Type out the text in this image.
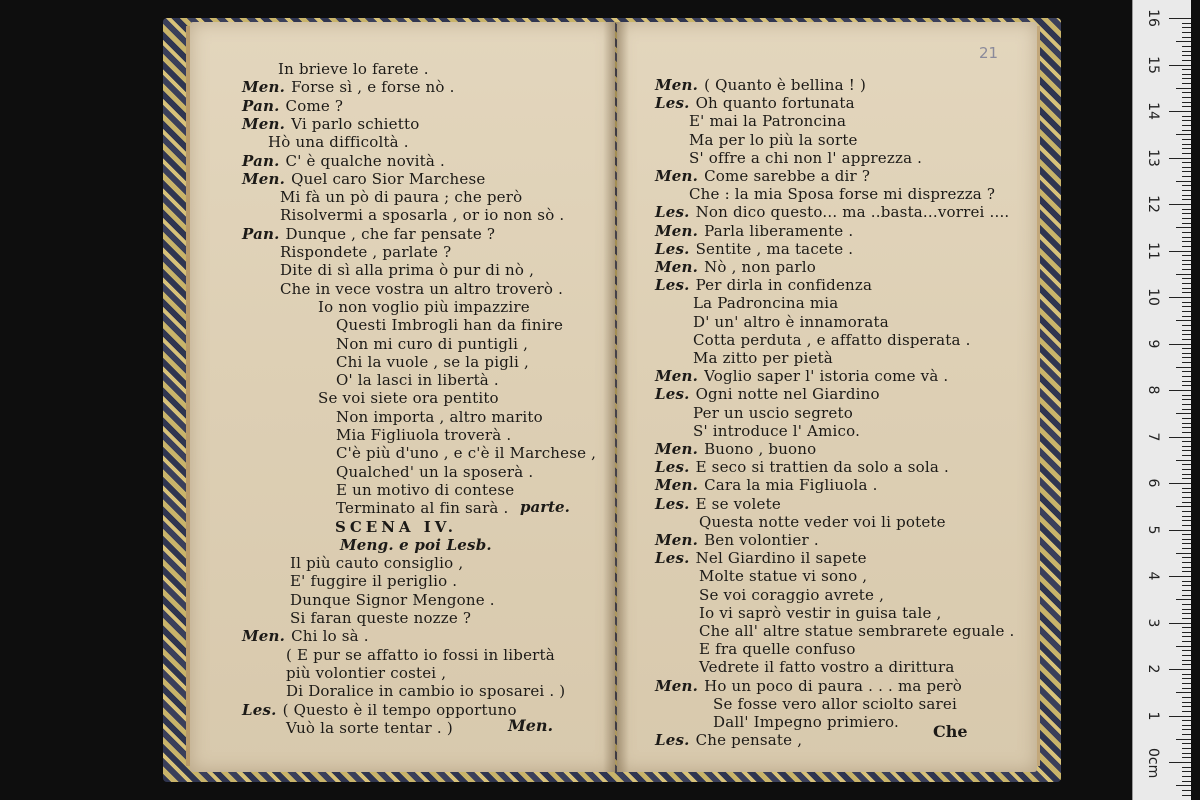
In brieve lo farete .
Men. Forse sì , e forse nò .
Pan. Come ?
Men. Vi parlo schietto
Hò una difficoltà .
Pan. C' è qualche novità .
Men. Quel caro Sior Marchese
Mi fà un pò di paura ; che però
Risolvermi a sposarla , or io non sò .
Pan. Dunque , che far pensate ?
Rispondete , parlate ?
Dite di sì alla prima ò pur di nò ,
Che in vece vostra un altro troverò .
Io non voglio più impazzire
Questi Imbrogli han da finire
Non mi curo di puntigli ,
Chi la vuole , se la pigli ,
O' la lasci in libertà .
Se voi siete ora pentito
Non importa , altro marito
Mia Figliuola troverà .
C'è più d'uno , e c'è il Marchese ,
Qualched' un la sposerà .
E un motivo di contese
Terminato al fin sarà .
SCENA IV.
Meng. e poi Lesb.
Il più cauto consiglio ,
E' fuggire il periglio .
Dunque Signor Mengone .
Si faran queste nozze ?
Men. Chi lo sà .
( E pur se affatto io fossi in libertà
più volontier costei ,
Di Doralice in cambio io sposarei . )
Les. ( Questo è il tempo opportuno
Vuò la sorte tentar . )
parte.
Men.
21
Men. ( Quanto è bellina ! )
Les. Oh quanto fortunata
E' mai la Patroncina
Ma per lo più la sorte
S' offre a chi non l' apprezza .
Men. Come sarebbe a dir ?
Che : la mia Sposa forse mi disprezza ?
Les. Non dico questo... ma ..basta...vorrei ....
Men. Parla liberamente .
Les. Sentite , ma tacete .
Men. Nò , non parlo
Les. Per dirla in confidenza
La Padroncina mia
D' un' altro è innamorata
Cotta perduta , e affatto disperata .
Ma zitto per pietà
Men. Voglio saper l' istoria come và .
Les. Ogni notte nel Giardino
Per un uscio segreto
S' introduce l' Amico.
Men. Buono , buono
Les. E seco si trattien da solo a sola .
Men. Cara la mia Figliuola .
Les. E se volete
Questa notte veder voi li potete
Men. Ben volontier .
Les. Nel Giardino il sapete
Molte statue vi sono ,
Se voi coraggio avrete ,
Io vi saprò vestir in guisa tale ,
Che all' altre statue sembrarete eguale .
E fra quelle confuso
Vedrete il fatto vostro a dirittura
Men. Ho un poco di paura . . . ma però
Se fosse vero allor sciolto sarei
Dall' Impegno primiero.
Les. Che pensate ,	Che
16
15
14
13
12
11
10
9
8
7
6
5
4
3
2
1
0cm
